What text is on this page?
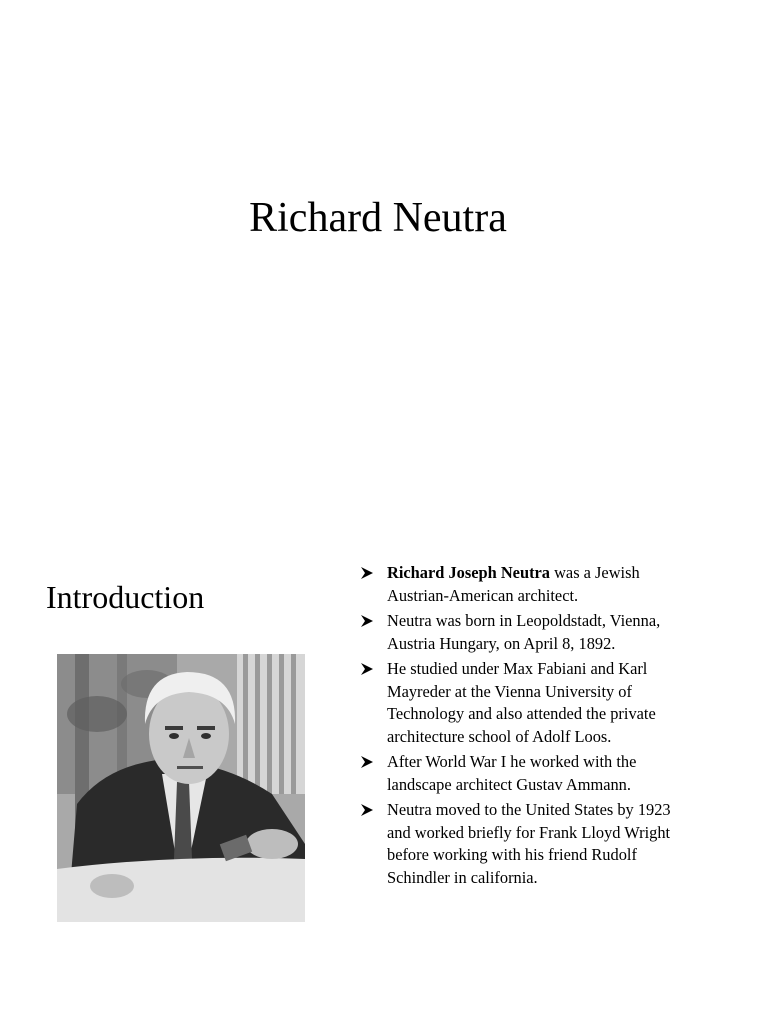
Richard Neutra
Introduction
Richard Joseph Neutra was a Jewish Austrian-American architect.
Neutra was born in Leopoldstadt, Vienna, Austria Hungary, on April 8, 1892.
He studied under Max Fabiani and Karl Mayreder at the Vienna University of Technology and also attended the private architecture school of Adolf Loos.
After World War I he worked with the landscape architect Gustav Ammann.
Neutra moved to the United States by 1923 and worked briefly for Frank Lloyd Wright before working with his friend Rudolf Schindler in california.
